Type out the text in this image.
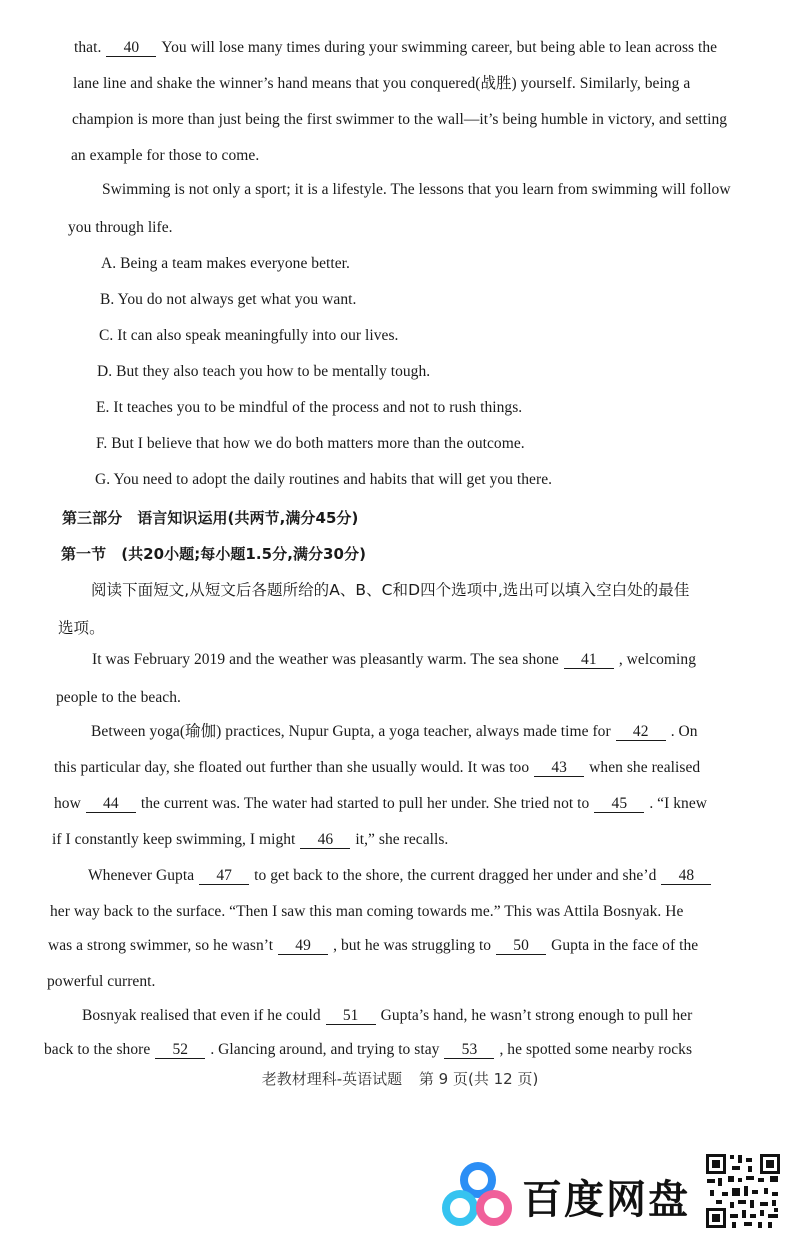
that. 40 You will lose many times during your swimming career, but being able to lean across the
lane line and shake the winner’s hand means that you conquered(战胜) yourself. Similarly, being a
champion is more than just being the first swimmer to the wall—it’s being humble in victory, and setting
an example for those to come.
Swimming is not only a sport; it is a lifestyle. The lessons that you learn from swimming will follow
you through life.
A. Being a team makes everyone better.
B. You do not always get what you want.
C. It can also speak meaningfully into our lives.
D. But they also teach you how to be mentally tough.
E. It teaches you to be mindful of the process and not to rush things.
F. But I believe that how we do both matters more than the outcome.
G. You need to adopt the daily routines and habits that will get you there.
第三部分　语言知识运用(共两节,满分45分)
第一节　(共20小题;每小题1.5分,满分30分)
阅读下面短文,从短文后各题所给的A、B、C和D四个选项中,选出可以填入空白处的最佳
选项。
It was February 2019 and the weather was pleasantly warm. The sea shone 41 , welcoming
people to the beach.
Between yoga(瑜伽) practices, Nupur Gupta, a yoga teacher, always made time for 42 . On
this particular day, she floated out further than she usually would. It was too 43 when she realised
how 44 the current was. The water had started to pull her under. She tried not to 45 . “I knew
if I constantly keep swimming, I might 46 it,” she recalls.
Whenever Gupta 47 to get back to the shore, the current dragged her under and she’d 48
her way back to the surface. “Then I saw this man coming towards me.” This was Attila Bosnyak. He
was a strong swimmer, so he wasn’t 49 , but he was struggling to 50 Gupta in the face of the
powerful current.
Bosnyak realised that even if he could 51 Gupta’s hand, he wasn’t strong enough to pull her
back to the shore 52 . Glancing around, and trying to stay 53 , he spotted some nearby rocks
老教材理科-英语试题 第 9 页(共 12 页)
百度网盘
